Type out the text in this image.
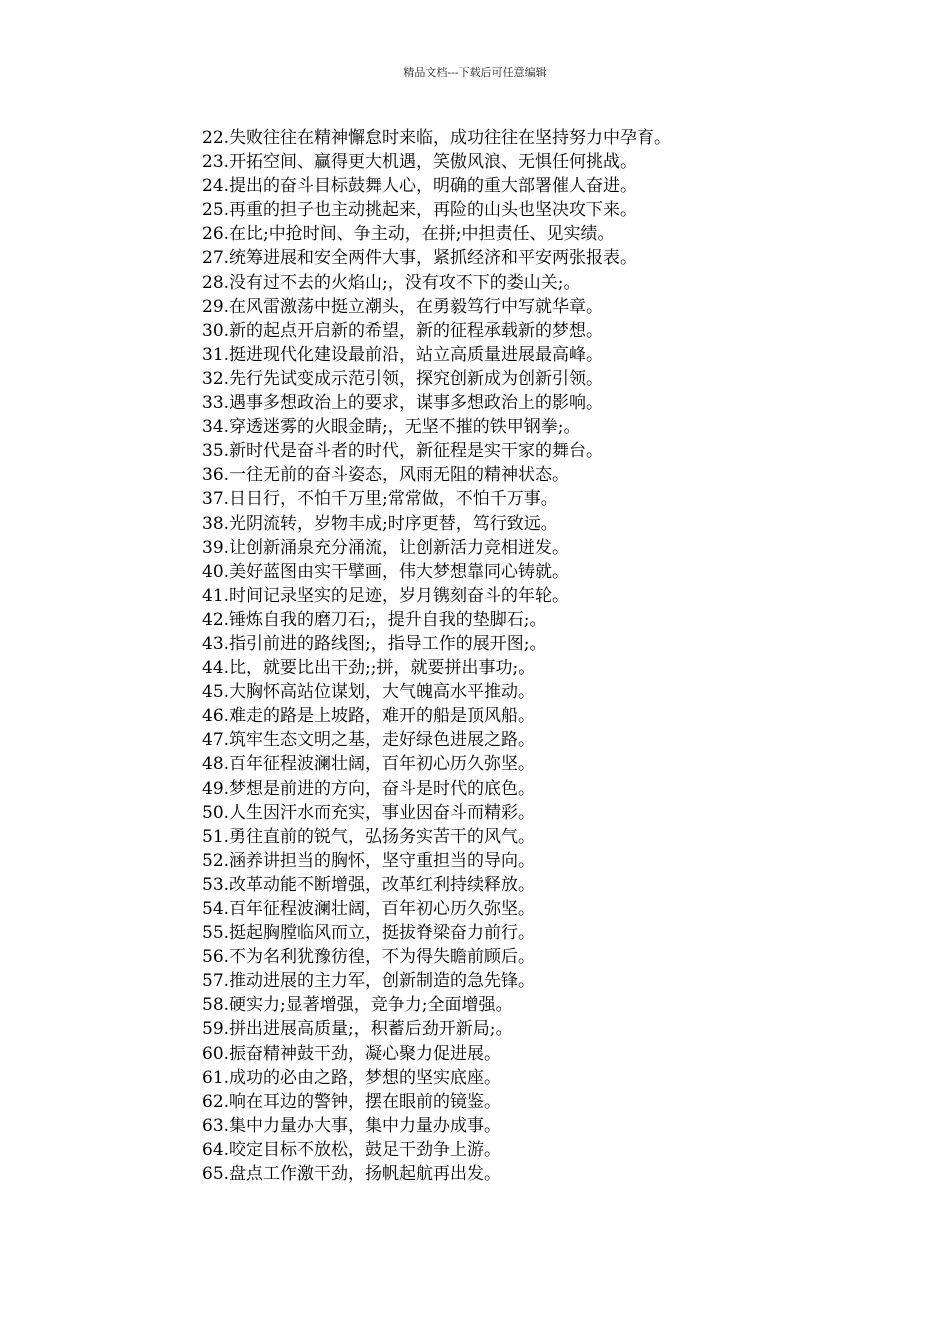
精品文档---下载后可任意编辑
22.失败往往在精神懈怠时来临，成功往往在坚持努力中孕育。
23.开拓空间、赢得更大机遇，笑傲风浪、无惧任何挑战。
24.提出的奋斗目标鼓舞人心，明确的重大部署催人奋进。
25.再重的担子也主动挑起来，再险的山头也坚决攻下来。
26.在比;中抢时间、争主动，在拼;中担责任、见实绩。
27.统筹进展和安全两件大事，紧抓经济和平安两张报表。
28.没有过不去的火焰山;，没有攻不下的娄山关;。
29.在风雷激荡中挺立潮头，在勇毅笃行中写就华章。
30.新的起点开启新的希望，新的征程承载新的梦想。
31.挺进现代化建设最前沿，站立高质量进展最高峰。
32.先行先试变成示范引领，探究创新成为创新引领。
33.遇事多想政治上的要求，谋事多想政治上的影响。
34.穿透迷雾的火眼金睛;，无坚不摧的铁甲钢拳;。
35.新时代是奋斗者的时代，新征程是实干家的舞台。
36.一往无前的奋斗姿态，风雨无阻的精神状态。
37.日日行，不怕千万里;常常做，不怕千万事。
38.光阴流转，岁物丰成;时序更替，笃行致远。
39.让创新涌泉充分涌流，让创新活力竞相迸发。
40.美好蓝图由实干擘画，伟大梦想靠同心铸就。
41.时间记录坚实的足迹，岁月镌刻奋斗的年轮。
42.锤炼自我的磨刀石;，提升自我的垫脚石;。
43.指引前进的路线图;，指导工作的展开图;。
44.比，就要比出干劲;;拼，就要拼出事功;。
45.大胸怀高站位谋划，大气魄高水平推动。
46.难走的路是上坡路，难开的船是顶风船。
47.筑牢生态文明之基，走好绿色进展之路。
48.百年征程波澜壮阔，百年初心历久弥坚。
49.梦想是前进的方向，奋斗是时代的底色。
50.人生因汗水而充实，事业因奋斗而精彩。
51.勇往直前的锐气，弘扬务实苦干的风气。
52.涵养讲担当的胸怀，坚守重担当的导向。
53.改革动能不断增强，改革红利持续释放。
54.百年征程波澜壮阔，百年初心历久弥坚。
55.挺起胸膛临风而立，挺拔脊梁奋力前行。
56.不为名利犹豫彷徨，不为得失瞻前顾后。
57.推动进展的主力军，创新制造的急先锋。
58.硬实力;显著增强，竞争力;全面增强。
59.拼出进展高质量;，积蓄后劲开新局;。
60.振奋精神鼓干劲，凝心聚力促进展。
61.成功的必由之路，梦想的坚实底座。
62.响在耳边的警钟，摆在眼前的镜鉴。
63.集中力量办大事，集中力量办成事。
64.咬定目标不放松，鼓足干劲争上游。
65.盘点工作激干劲，扬帆起航再出发。
